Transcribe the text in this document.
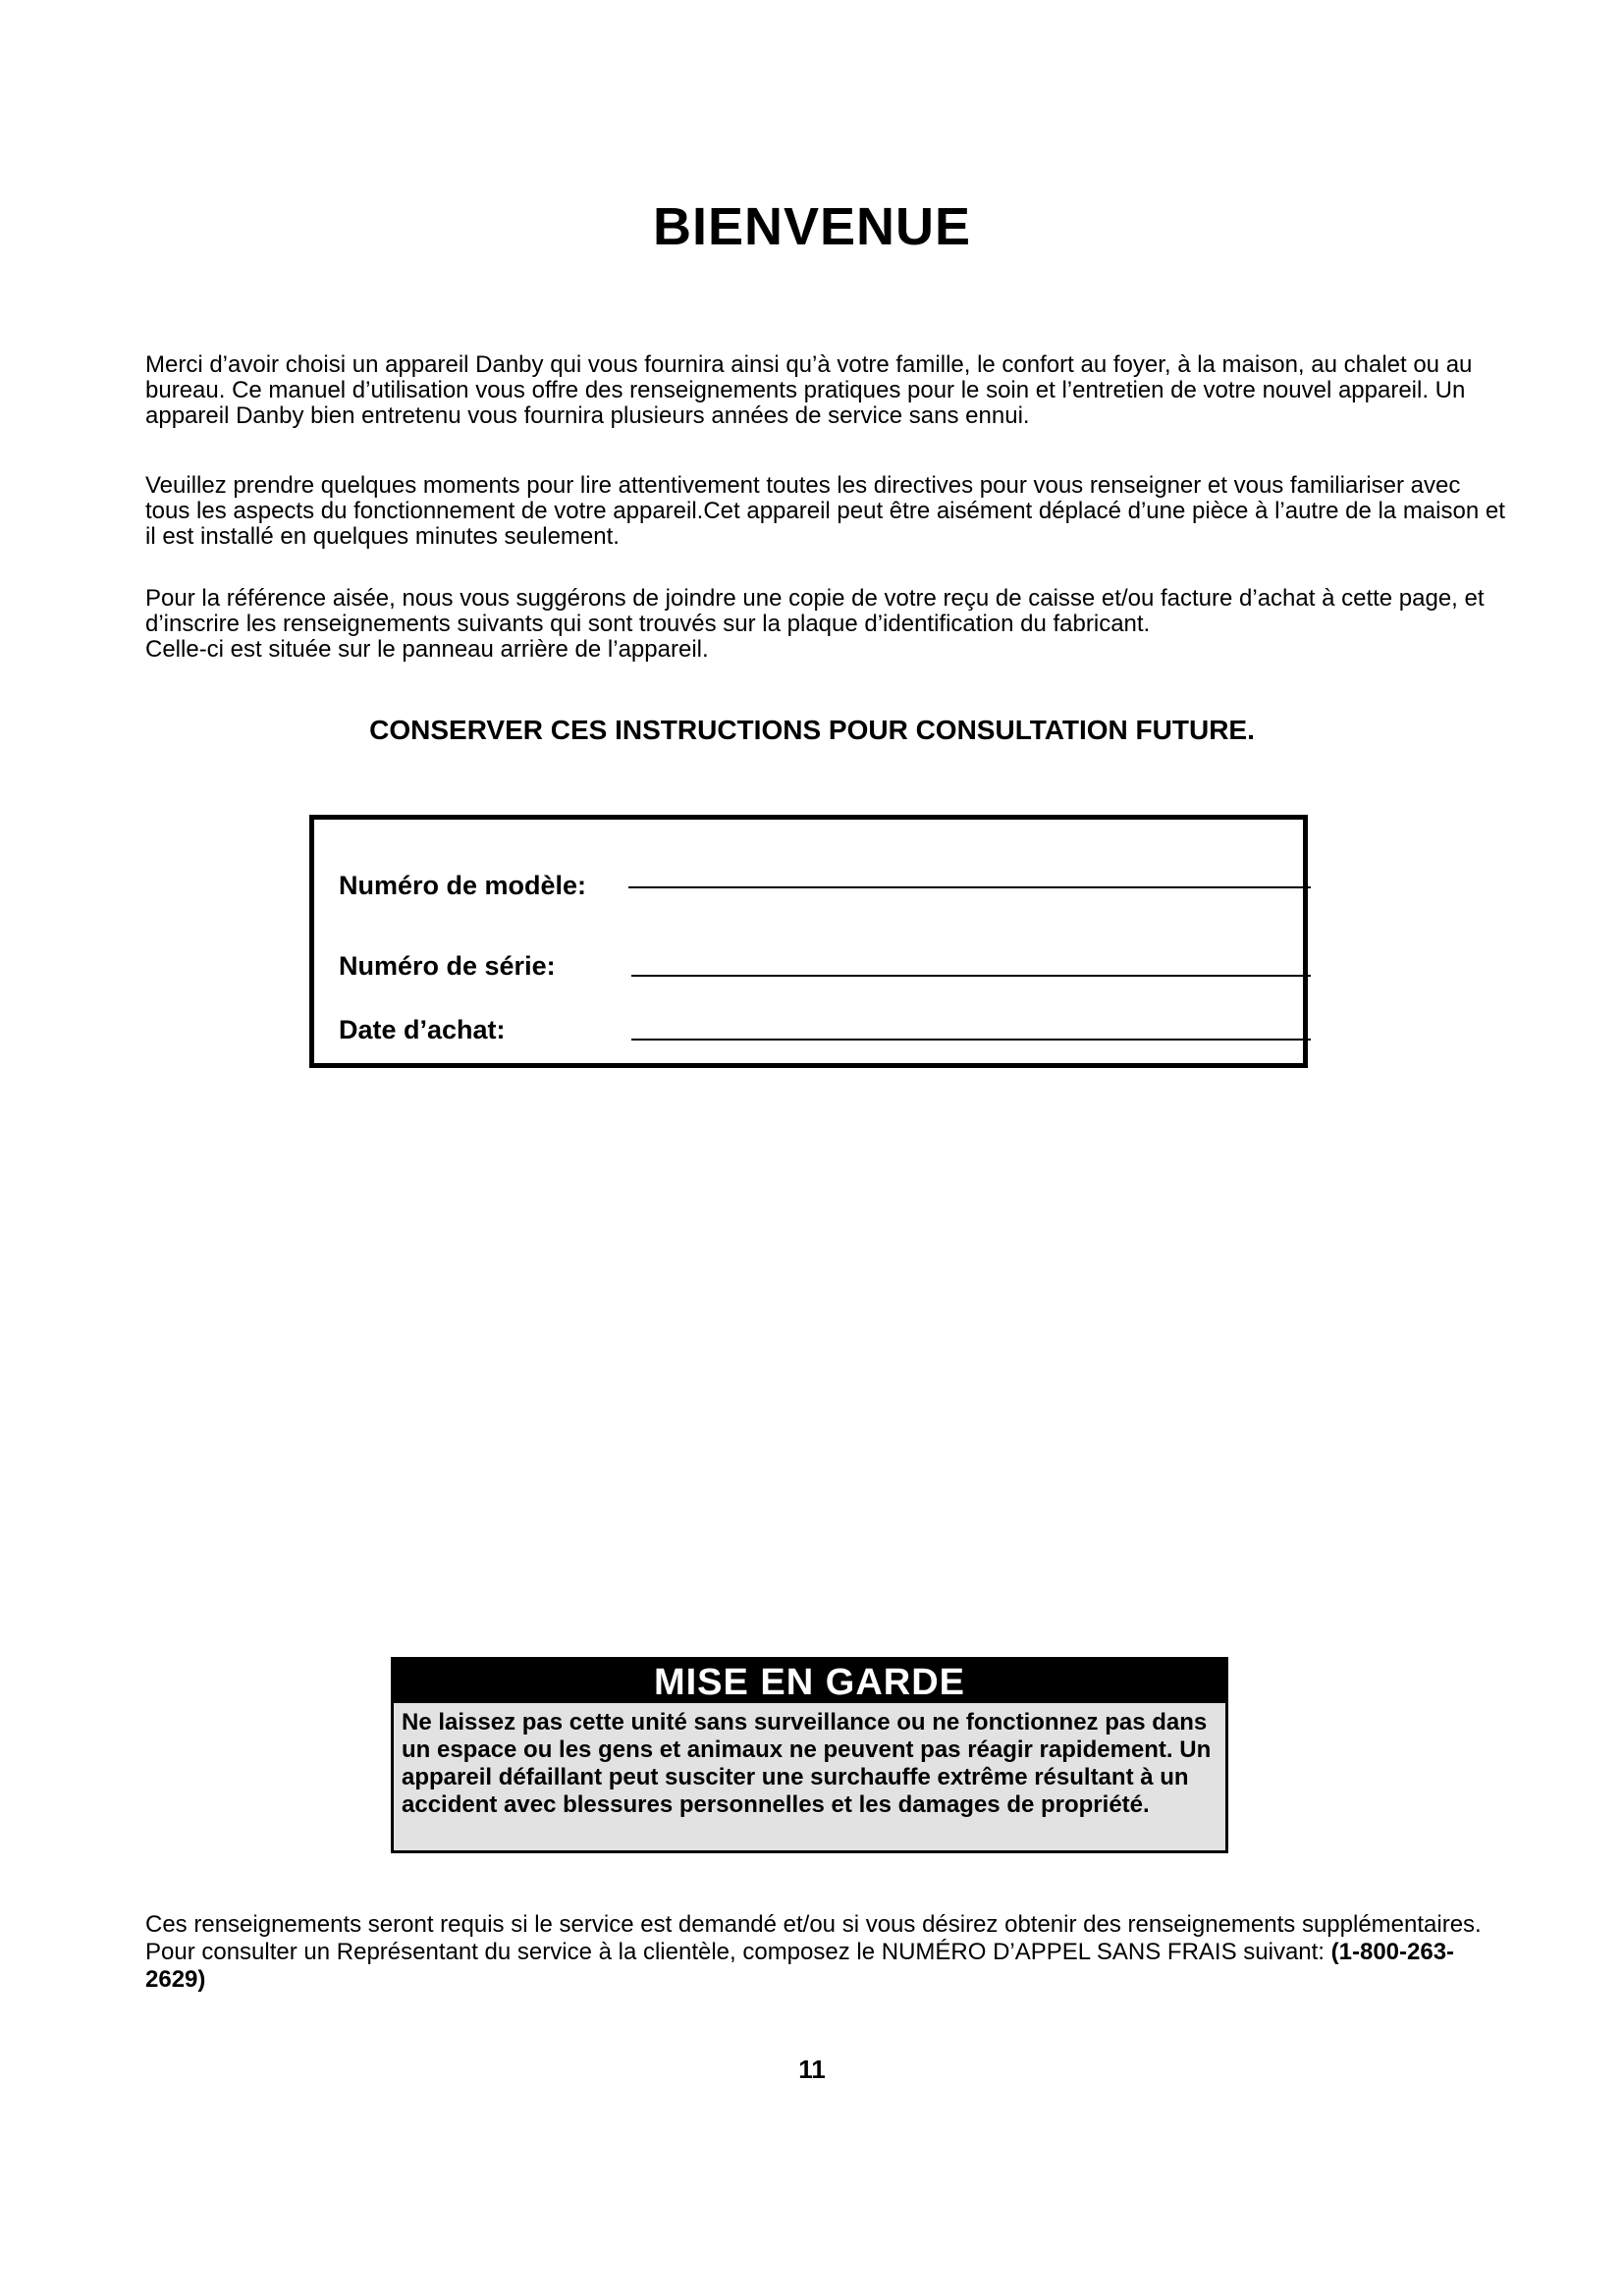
BIENVENUE

Merci d’avoir choisi un appareil Danby qui vous fournira ainsi qu’à votre famille, le confort au foyer, à la maison, au chalet ou au bureau. Ce manuel d’utilisation vous offre des renseignements pratiques pour le soin et l’entretien de votre nouvel appareil. Un appareil Danby bien entretenu vous fournira plusieurs années de service sans ennui.

Veuillez prendre quelques moments pour lire attentivement toutes les directives pour vous renseigner et vous familiariser avec tous les aspects du fonctionnement de votre appareil.Cet appareil peut être aisément déplacé d’une pièce à l’autre de la maison et il est installé en quelques minutes seulement.

Pour la référence aisée, nous vous suggérons de joindre une copie de votre reçu de caisse et/ou facture d’achat à cette page, et d’inscrire les renseignements suivants qui sont trouvés sur la plaque d’identification du fabricant.
Celle-ci est située sur le panneau arrière de l’appareil.

CONSERVER CES INSTRUCTIONS POUR CONSULTATION FUTURE.
Numéro de modèle:
Numéro de série:
Date d’achat:
MISE EN GARDE

Ne laissez pas cette unité sans surveillance ou ne fonctionnez pas dans un espace ou les gens et animaux ne peuvent pas réagir rapidement. Un appareil défaillant peut susciter une surchauffe extrême résultant à un accident avec blessures personnelles et les damages de propriété.

Ces renseignements seront requis si le service est demandé et/ou si vous désirez obtenir des renseignements supplémentaires. Pour consulter un Représentant du service à la clientèle, composez le NUMÉRO D’APPEL SANS FRAIS suivant: (1-800-263-2629)

11
